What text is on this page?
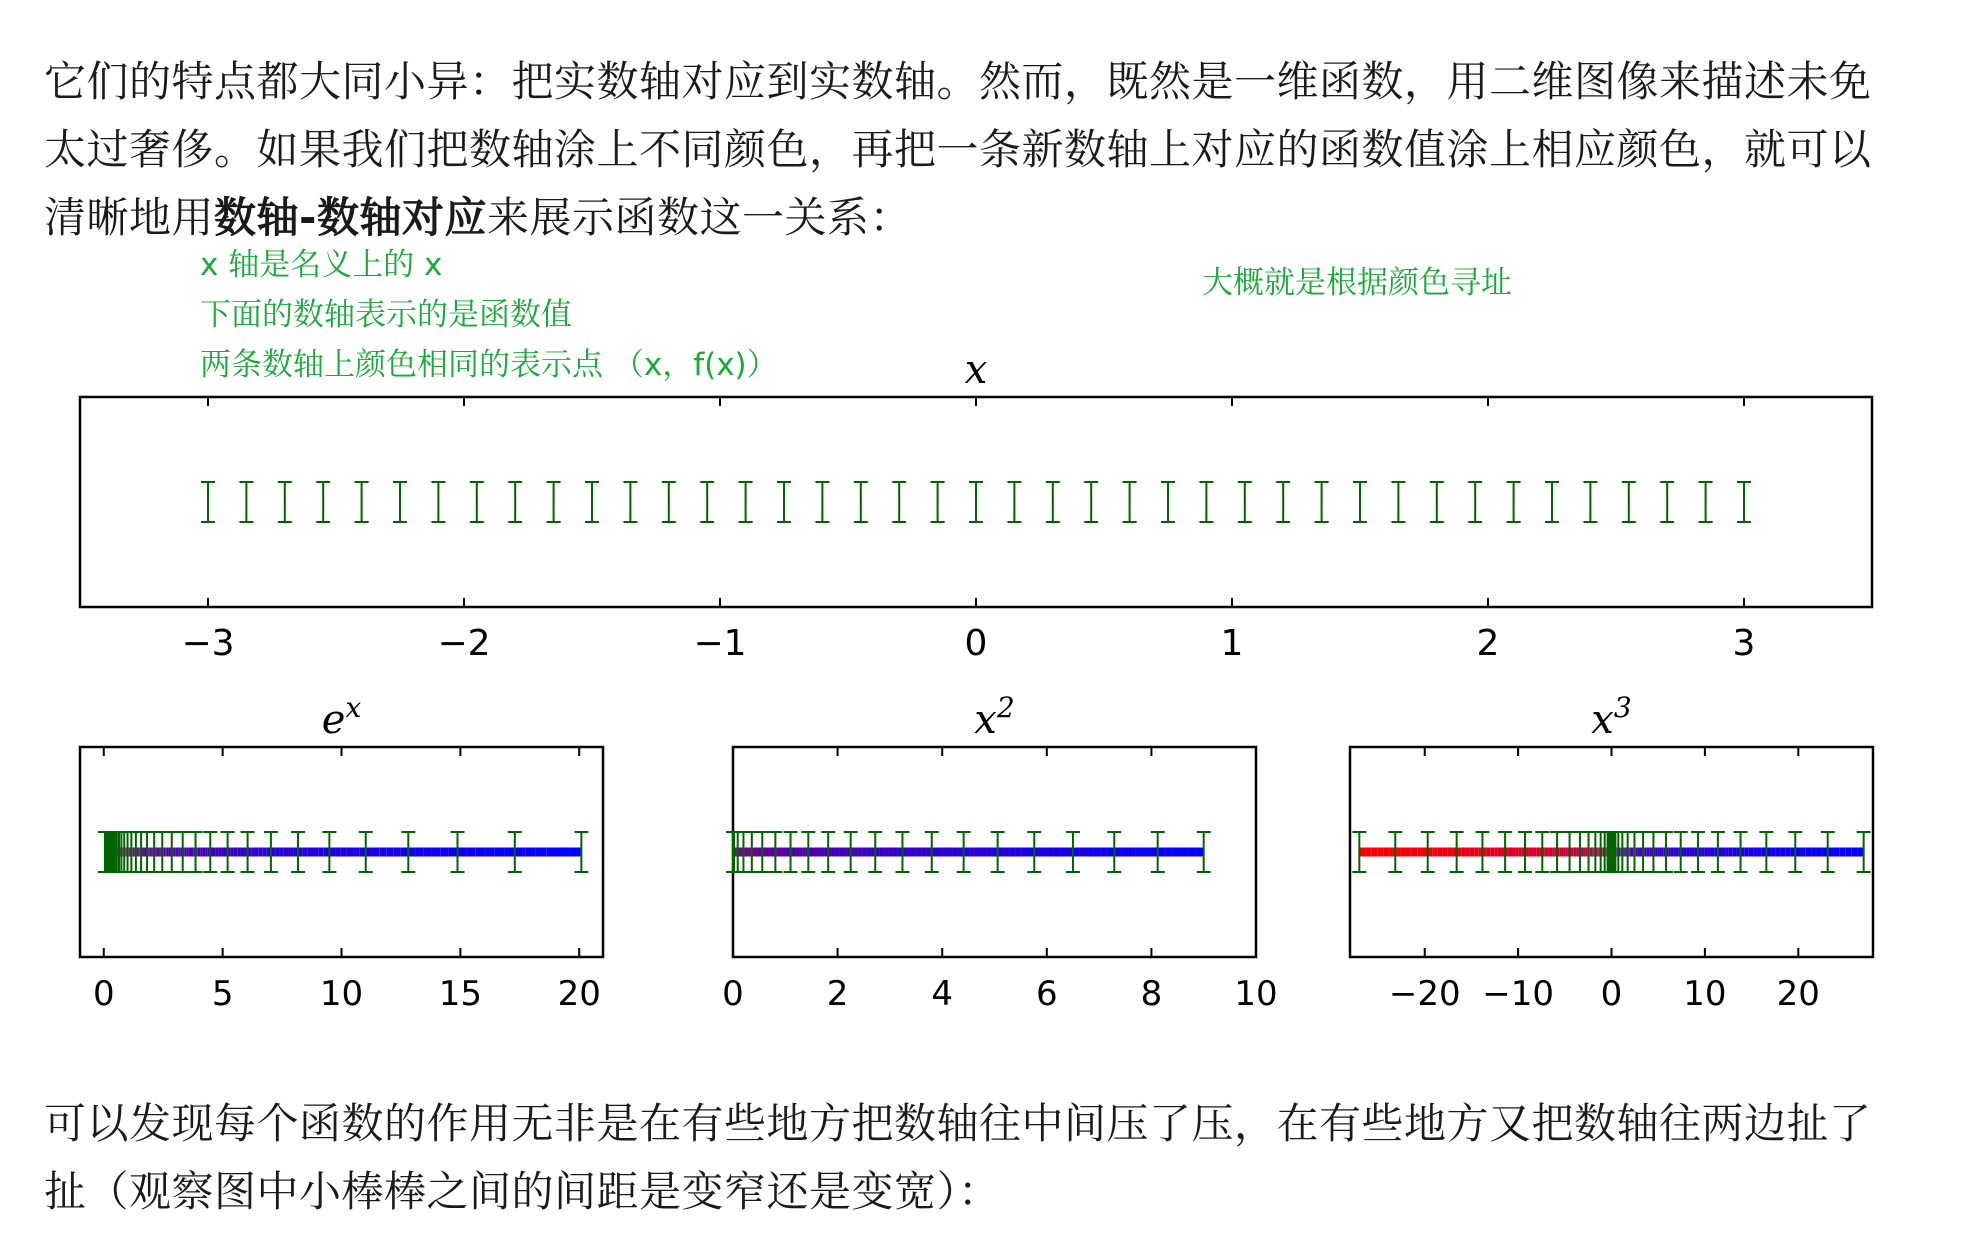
它们的特点都大同小异：把实数轴对应到实数轴。然而，既然是一维函数，用二维图像来描述未免太过奢侈。如果我们把数轴涂上不同颜色，再把一条新数轴上对应的函数值涂上相应颜色，就可以清晰地用数轴-数轴对应来展示函数这一关系：

x 轴是名义上的 x
下面的数轴表示的是函数值
两条数轴上颜色相同的表示点 （x，f(x)）
大概就是根据颜色寻址
x
−3	−2	−1	0	1	2	3
$e^x$
0	5	10 15 20
$x^2$
0 2 4 6 8 10
$x^3$
−20 −10 0 10 20

可以发现每个函数的作用无非是在有些地方把数轴往中间压了压，在有些地方又把数轴往两边扯了扯（观察图中小棒棒之间的间距是变窄还是变宽）：
